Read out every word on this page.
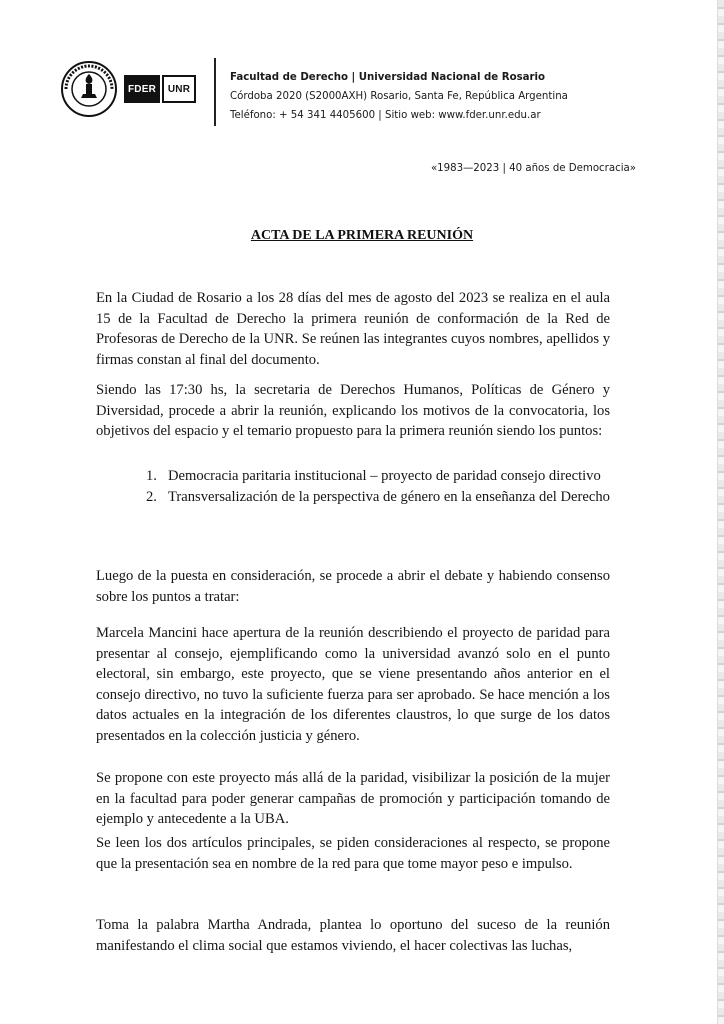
FDER	UNR
Facultad de Derecho | Universidad Nacional de Rosario
Córdoba 2020 (S2000AXH) Rosario, Santa Fe, República Argentina
Teléfono: + 54 341 4405600 | Sitio web: www.fder.unr.edu.ar
«1983—2023 | 40 años de Democracia»
ACTA DE LA PRIMERA REUNIÓN
En la Ciudad de Rosario a los 28 días del mes de agosto del 2023 se realiza en el aula 15 de la Facultad de Derecho la primera reunión de conformación de la Red de Profesoras de Derecho de la UNR. Se reúnen las integrantes cuyos nombres, apellidos y firmas constan al final del documento.
Siendo las 17:30 hs, la secretaria de Derechos Humanos, Políticas de Género y Diversidad, procede a abrir la reunión, explicando los motivos de la convocatoria, los objetivos del espacio y el temario propuesto para la primera reunión siendo los puntos:
1. Democracia paritaria institucional – proyecto de paridad consejo directivo
2. Transversalización de la perspectiva de género en la enseñanza del Derecho
Luego de la puesta en consideración, se procede a abrir el debate y habiendo consenso sobre los puntos a tratar:
Marcela Mancini hace apertura de la reunión describiendo el proyecto de paridad para presentar al consejo, ejemplificando como la universidad avanzó solo en el punto electoral, sin embargo, este proyecto, que se viene presentando años anterior en el consejo directivo, no tuvo la suficiente fuerza para ser aprobado. Se hace mención a los datos actuales en la integración de los diferentes claustros, lo que surge de los datos presentados en la colección justicia y género.
Se propone con este proyecto más allá de la paridad, visibilizar la posición de la mujer en la facultad para poder generar campañas de promoción y participación tomando de ejemplo y antecedente a la UBA.
Se leen los dos artículos principales, se piden consideraciones al respecto, se propone que la presentación sea en nombre de la red para que tome mayor peso e impulso.
Toma la palabra Martha Andrada, plantea lo oportuno del suceso de la reunión manifestando el clima social que estamos viviendo, el hacer colectivas las luchas,
